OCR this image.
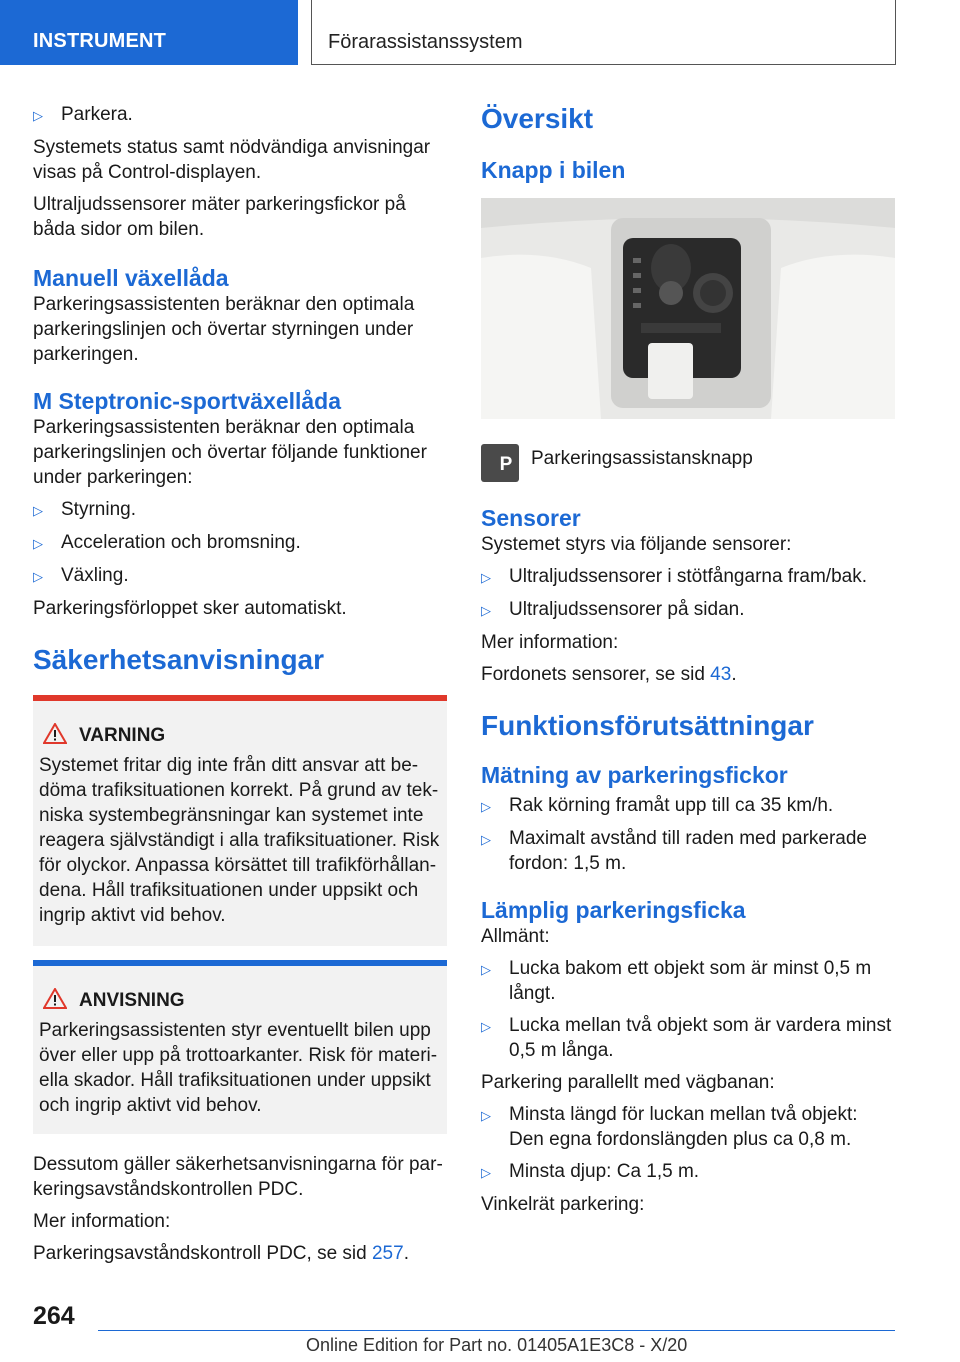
INSTRUMENT	Förarassistanssystem
▷ Parkera.

Systemets status samt nödvändiga anvisningar visas på Control-displayen.

Ultraljudssensorer mäter parkeringsfickor på båda sidor om bilen.

Manuell växellåda

Parkeringsassistenten beräknar den optimala parkeringslinjen och övertar styrningen under parkeringen.

M Steptronic-sportväxellåda

Parkeringsassistenten beräknar den optimala parkeringslinjen och övertar följande funktioner under parkeringen:

▷ Styrning.
▷ Acceleration och bromsning.
▷ Växling.

Parkeringsförloppet sker automatiskt.

Säkerhetsanvisningar
VARNING
Systemet fritar dig inte från ditt ansvar att bedöma trafiksituationen korrekt. På grund av tekniska systembegränsningar kan systemet inte reagera självständigt i alla trafiksituationer. Risk för olyckor. Anpassa körsättet till trafikförhållandena. Håll trafiksituationen under uppsikt och ingrip aktivt vid behov.
ANVISNING
Parkeringsassistenten styr eventuellt bilen upp över eller upp på trottoarkanter. Risk för materiella skador. Håll trafiksituationen under uppsikt och ingrip aktivt vid behov.

Dessutom gäller säkerhetsanvisningarna för parkeringsavståndskontrollen PDC.

Mer information:

Parkeringsavståndskontroll PDC, se sid 257.

Översikt
Knapp i bilen
P Parkeringsassistansknapp
Sensorer

Systemet styrs via följande sensorer:

▷ Ultraljudssensorer i stötfångarna fram/bak.
▷ Ultraljudssensorer på sidan.

Mer information:

Fordonets sensorer, se sid 43.

Funktionsförutsättningar
Mätning av parkeringsfickor
▷ Rak körning framåt upp till ca 35 km/h.
▷ Maximalt avstånd till raden med parkerade fordon: 1,5 m.
Lämplig parkeringsficka

Allmänt:

▷ Lucka bakom ett objekt som är minst 0,5 m långt.
▷ Lucka mellan två objekt som är vardera minst 0,5 m långa.

Parkering parallellt med vägbanan:

▷ Minsta längd för luckan mellan två objekt: Den egna fordonslängden plus ca 0,8 m.
▷ Minsta djup: Ca 1,5 m.

Vinkelrät parkering:

264
Online Edition for Part no. 01405A1E3C8 - X/20
